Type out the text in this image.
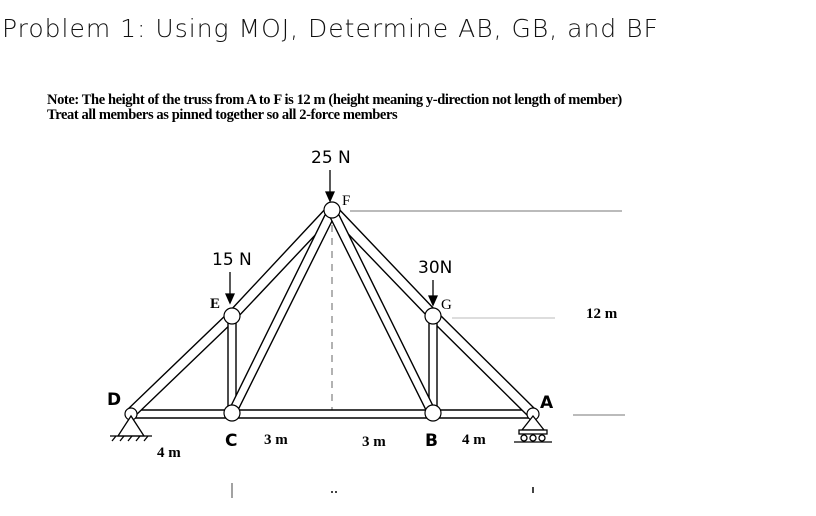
Problem 1: Using MOJ, Determine AB, GB, and BF
Note: The height of the truss from A to F is 12 m (height meaning y-direction not length of member)
Treat all members as pinned together so all 2-force members
25 N
15 N	30N
F
E	G
D	A
C	B
4 m
3 m	3 m	4 m
12 m
